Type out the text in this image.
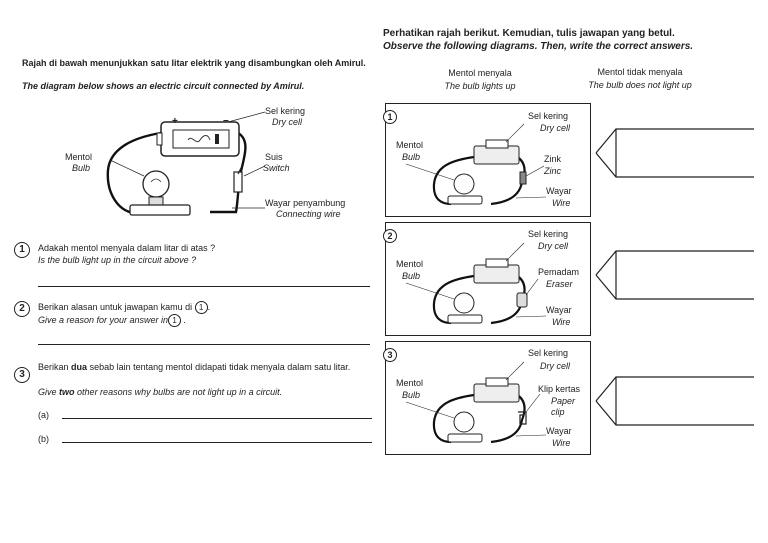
Rajah di bawah menunjukkan satu litar elektrik yang disambungkan oleh Amirul.
The diagram below shows an electric circuit connected by Amirul.
+	−
Sel kering
Dry cell
Mentol
Bulb
Suis
Switch
Wayar penyambung
Connecting wire
1	Adakah mentol menyala dalam litar di atas ?
Is the bulb light up in the circuit above ?
2	Berikan alasan untuk jawapan kamu di 1 .
Give a reason for your answer in 1 .
3
Berikan dua sebab lain tentang mentol didapati tidak menyala dalam satu litar.
Give two other reasons why bulbs are not light up in a circuit.
(a)
(b)
Perhatikan rajah berikut. Kemudian, tulis jawapan yang betul.
Observe the following diagrams. Then, write the correct answers.
Mentol menyala
The bulb lights up
Mentol tidak menyala
The bulb does not light up
1	Sel kering
Dry cell
Mentol
Bulb	Zink
Zinc
Wayar
Wire
2	Sel kering
Dry cell
Mentol
Bulb	Pemadam
Eraser
Wayar
Wire
3	Sel kering
Dry cell
Mentol
Bulb
Klip kertas
Paper clip
Wayar
Wire
